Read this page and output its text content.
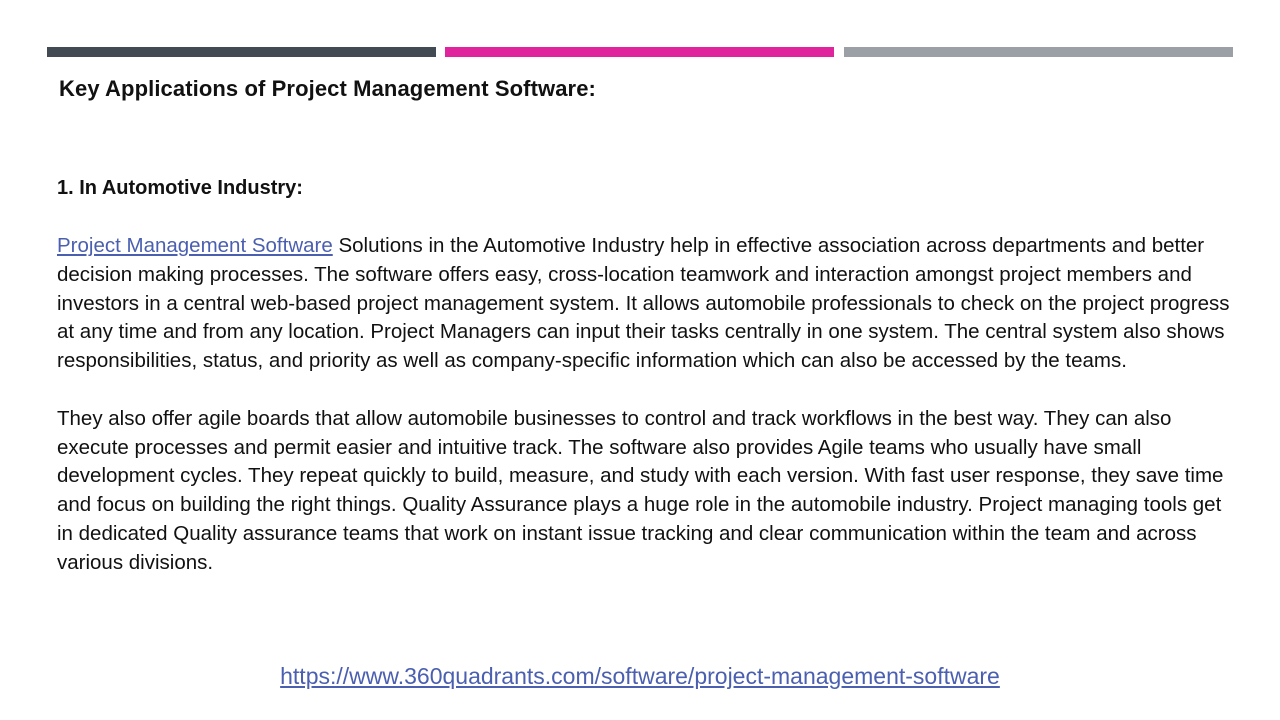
Key Applications of Project Management Software:
1. In Automotive Industry:

Project Management Software Solutions in the Automotive Industry help in effective association across departments and better decision making processes. The software offers easy, cross-location teamwork and interaction amongst project members and investors in a central web-based project management system. It allows automobile professionals to check on the project progress at any time and from any location. Project Managers can input their tasks centrally in one system. The central system also shows responsibilities, status, and priority as well as company-specific information which can also be accessed by the teams.

They also offer agile boards that allow automobile businesses to control and track workflows in the best way. They can also execute processes and permit easier and intuitive track. The software also provides Agile teams who usually have small development cycles. They repeat quickly to build, measure, and study with each version. With fast user response, they save time and focus on building the right things. Quality Assurance plays a huge role in the automobile industry. Project managing tools get in dedicated Quality assurance teams that work on instant issue tracking and clear communication within the team and across various divisions.

https://www.360quadrants.com/software/project-management-software
